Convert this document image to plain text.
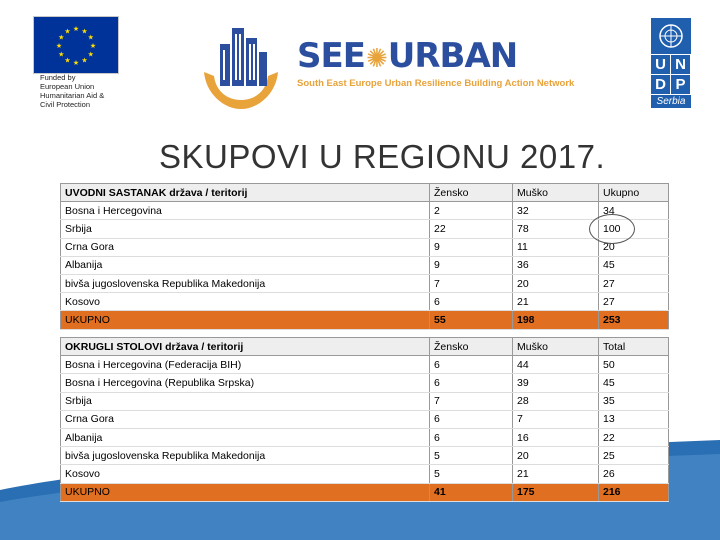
★ ★
★
★
★
★
★
★
★
★
★
★
Funded by
European Union
Humanitarian Aid &
Civil Protection
SEE✺URBAN
South East Europe Urban Resilience Building Action Network
U N
D P
Serbia
SKUPOVI U REGIONU 2017.
UVODNI SASTANAK država / teritorij	Žensko	Muško	Ukupno
Bosna i Hercegovina	2	32	34
Srbija	22	78	100
Crna Gora	9	11	20
Albanija	9	36	45
bivša jugoslovenska Republika Makedonija	7	20	27
Kosovo	6	21	27
UKUPNO	55	198	253
OKRUGLI STOLOVI država / teritorij	Žensko	Muško	Total
Bosna i Hercegovina (Federacija BIH)	6	44	50
Bosna i Hercegovina (Republika Srpska)	6	39	45
Srbija	7	28	35
Crna Gora	6	7	13
Albanija	6	16	22
bivša jugoslovenska Republika Makedonija	5	20	25
Kosovo	5	21	26
UKUPNO	41	175	216
